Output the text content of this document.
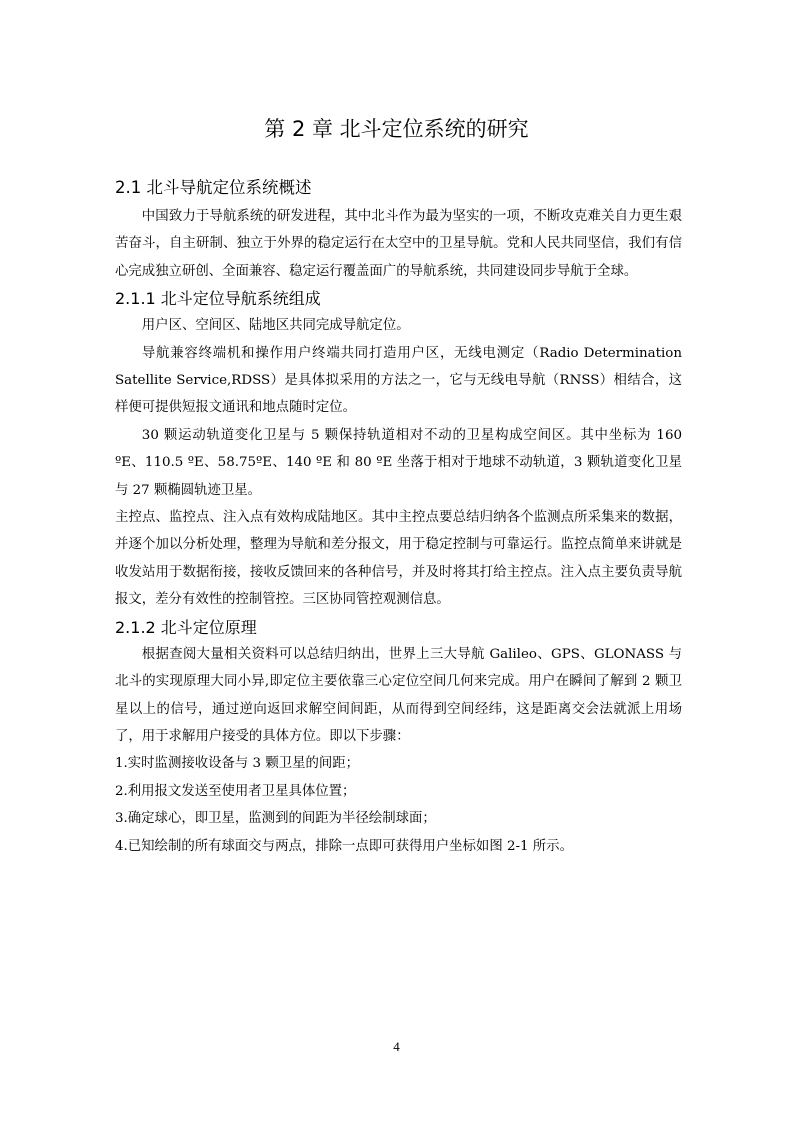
第 2 章 北斗定位系统的研究
2.1 北斗导航定位系统概述

中国致力于导航系统的研发进程，其中北斗作为最为坚实的一项，不断攻克难关自力更生艰苦奋斗，自主研制、独立于外界的稳定运行在太空中的卫星导航。党和人民共同坚信，我们有信心完成独立研创、全面兼容、稳定运行覆盖面广的导航系统，共同建设同步导航于全球。

2.1.1 北斗定位导航系统组成

用户区、空间区、陆地区共同完成导航定位。

导航兼容终端机和操作用户终端共同打造用户区，无线电测定（Radio Determination Satellite Service,RDSS）是具体拟采用的方法之一，它与无线电导航（RNSS）相结合，这样便可提供短报文通讯和地点随时定位。

30 颗运动轨道变化卫星与 5 颗保持轨道相对不动的卫星构成空间区。其中坐标为 160 ºE、110.5 ºE、58.75ºE、140 ºE 和 80 ºE 坐落于相对于地球不动轨道，3 颗轨道变化卫星与 27 颗椭圆轨迹卫星。

主控点、监控点、注入点有效构成陆地区。其中主控点要总结归纳各个监测点所采集来的数据，并逐个加以分析处理，整理为导航和差分报文，用于稳定控制与可靠运行。监控点简单来讲就是收发站用于数据衔接，接收反馈回来的各种信号，并及时将其打给主控点。注入点主要负责导航报文，差分有效性的控制管控。三区协同管控观测信息。

2.1.2 北斗定位原理

根据查阅大量相关资料可以总结归纳出，世界上三大导航 Galileo、GPS、GLONASS 与北斗的实现原理大同小异,即定位主要依靠三心定位空间几何来完成。用户在瞬间了解到 2 颗卫星以上的信号，通过逆向返回求解空间间距，从而得到空间经纬，这是距离交会法就派上用场了，用于求解用户接受的具体方位。即以下步骤：

1.实时监测接收设备与 3 颗卫星的间距；

2.利用报文发送至使用者卫星具体位置；

3.确定球心，即卫星，监测到的间距为半径绘制球面；

4.已知绘制的所有球面交与两点，排除一点即可获得用户坐标如图 2-1 所示。

4
